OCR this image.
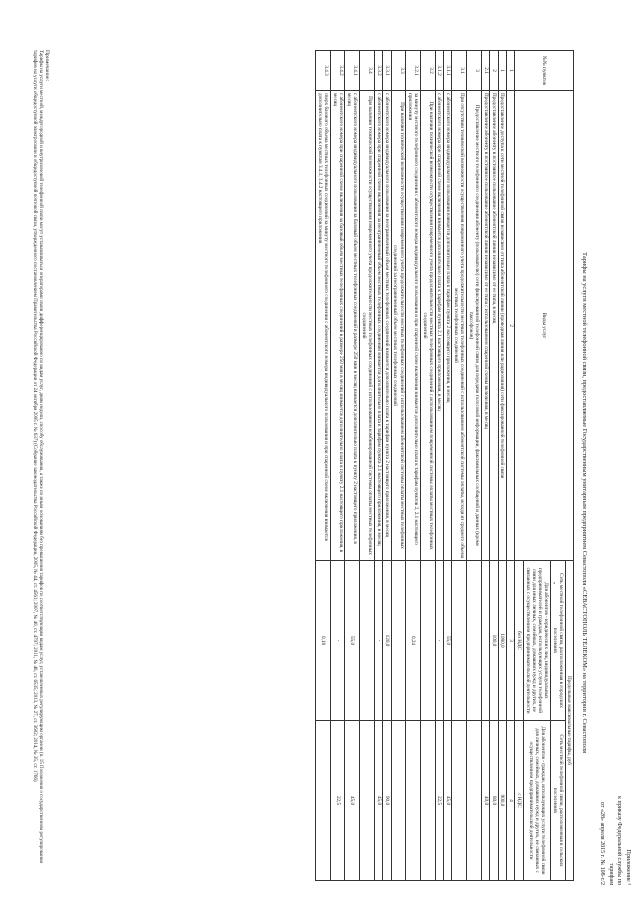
Приложение ¹
к приказу Федеральной службы по
тарифам
от «28» апреля 2015 г. № 108-с/2
Тарифы на услуги местной телефонной связи, предоставляемые Государственным унитарным предприятием Севастополя «СЕВАСТОПОЛЬ ТЕЛЕКОМ» на территории г. Севастополя
№№ пунктов	Виды услуг	Предельные максимальные тарифы, руб	
		Сеть местной телефонной связи, расположенная в городских поселениях	Сеть местной телефонной связи, расположенная в сельских поселениях
		Для абонентов - юридических лиц, индивидуальных предпринимателей и граждан, использующих услуги телефонной связи для иных личных, семейных, домашних нужд и других, не связанных с осуществлением предпринимательской деятельности	Для абонентов - граждан, использующих услуги телефонной связи для личных, семейных, домашних нужд и других, не связанных с осуществлением предпринимательской деятельности
		без НДС	с НДС
1	2	3	4
1	Предоставление доступа к сети местной телефонной связи независимо от типа абонентской линии (проводная линия или радиолиния) сети фиксированной телефонной связи	1080,0	900,0
2	Предоставление абоненту в постоянное пользование абонентской линии независимо от ее типа, в месяц	100,0	80,0
2.1	Предоставление абоненту в постоянное пользование абонентской линии независимо от ее типа с использованием спаренной схемы включения, в месяц		40,0
3	Предоставление местного телефонного соединения абоненту (пользователю) сети фиксированной телефонной связи для передачи голосовой информации, факсимильных сообщений и данных (кроме таксофонов)		
3.1	При отсутствии технической возможности осуществления повременного учета продолжительности местных телефонных соединений с использованием абонентской системы оплаты, исходя из среднего объема местных телефонных соединений		
3.1.1	с абонентского номера индивидуального пользования взимается дополнительно плата к тарифам пункта 2 настоящего приложения, в месяц	55,0	45,0
3.1.2	с абонентского номера при спаренной схеме включения взимается дополнительно плата к тарифам пункта 2.1 настоящего приложения, в месяц	-	22,5
3.2	При наличии технической возможности осуществления повременного учета продолжительности местных телефонных соединений с использованием повременной системы оплаты местных телефонных соединений		
3.2.1	за минуту местного телефонного соединения с абонентского номера индивидуального пользования и при спаренной схеме включения взимается дополнительно плата к тарифам пунктов 2, 2.1 настоящего приложения	0,24	
3.3	При наличии технической возможности осуществления повременного учета продолжительности местных телефонных соединений с использованием абонентской системы оплаты местных телефонных соединений за неограниченный объем местных телефонных соединений		
3.3.1	с абонентского номера индивидуального пользования за неограниченный объем местных телефонных соединений взимается дополнительно плата к тарифам пункта 2 настоящего приложения, в месяц	120,0	90,0
3.3.2	с абонентского номера при спаренной схеме включения за неограниченный объем местных телефонных соединений взимается дополнительно плата к тарифам пункта 2.1 настоящего приложения, в месяц	-	45,0
3.4	При наличии технической возможности осуществления повременного учета продолжительности местных телефонных соединений с использованием комбинированной системы оплаты местных телефонных соединений		
3.4.1	с абонентского номера индивидуального пользования за базовый объем местных телефонных соединений в размере 250 мин в месяц взимается дополнительно плата к пункту 2 настоящего приложения, в месяц	55,0	45,0
3.4.2	с абонентского номера при спаренной схеме включения за базовый объем местных телефонных соединений в размере 250 мин в месяц взимается дополнительно плата к пункту 2.1 настоящего приложения, в месяц	-	22,5
3.4.3	сверх базового объема местных телефонных соединений за минуту местного телефонного соединения с абонентского номера индивидуального пользования и при спаренной схеме включения взимается дополнительно плата к пунктам 3.4.1, 3.4.2 настоящего приложения	0,18	
•
Примечание:
Тарифы на услуги местной, междугородной и внутризоновой телефонной связи могут устанавливаться операторами связи дифференцированно по видам услуг, дням недели, способу обслуживания, а также по иным основаниям без превышения тарифов по соответствующим видам услуг, установленных регулирующим органом (п. 15 Положения о государственном регулировании тарифов на услуги общедоступной электросвязи и общедоступной почтовой связи, утвержденного постановлением Правительства Российской Федерации от 24 октября 2005 г. № 637) (Собрание законодательства Российской Федерации, 2005, № 44, ст. 4561; 2007, № 40, ст. 4797; 2011, № 46, ст. 6535; 2013, № 27, ст. 3602; 2014, № 35, ст. 1766)
